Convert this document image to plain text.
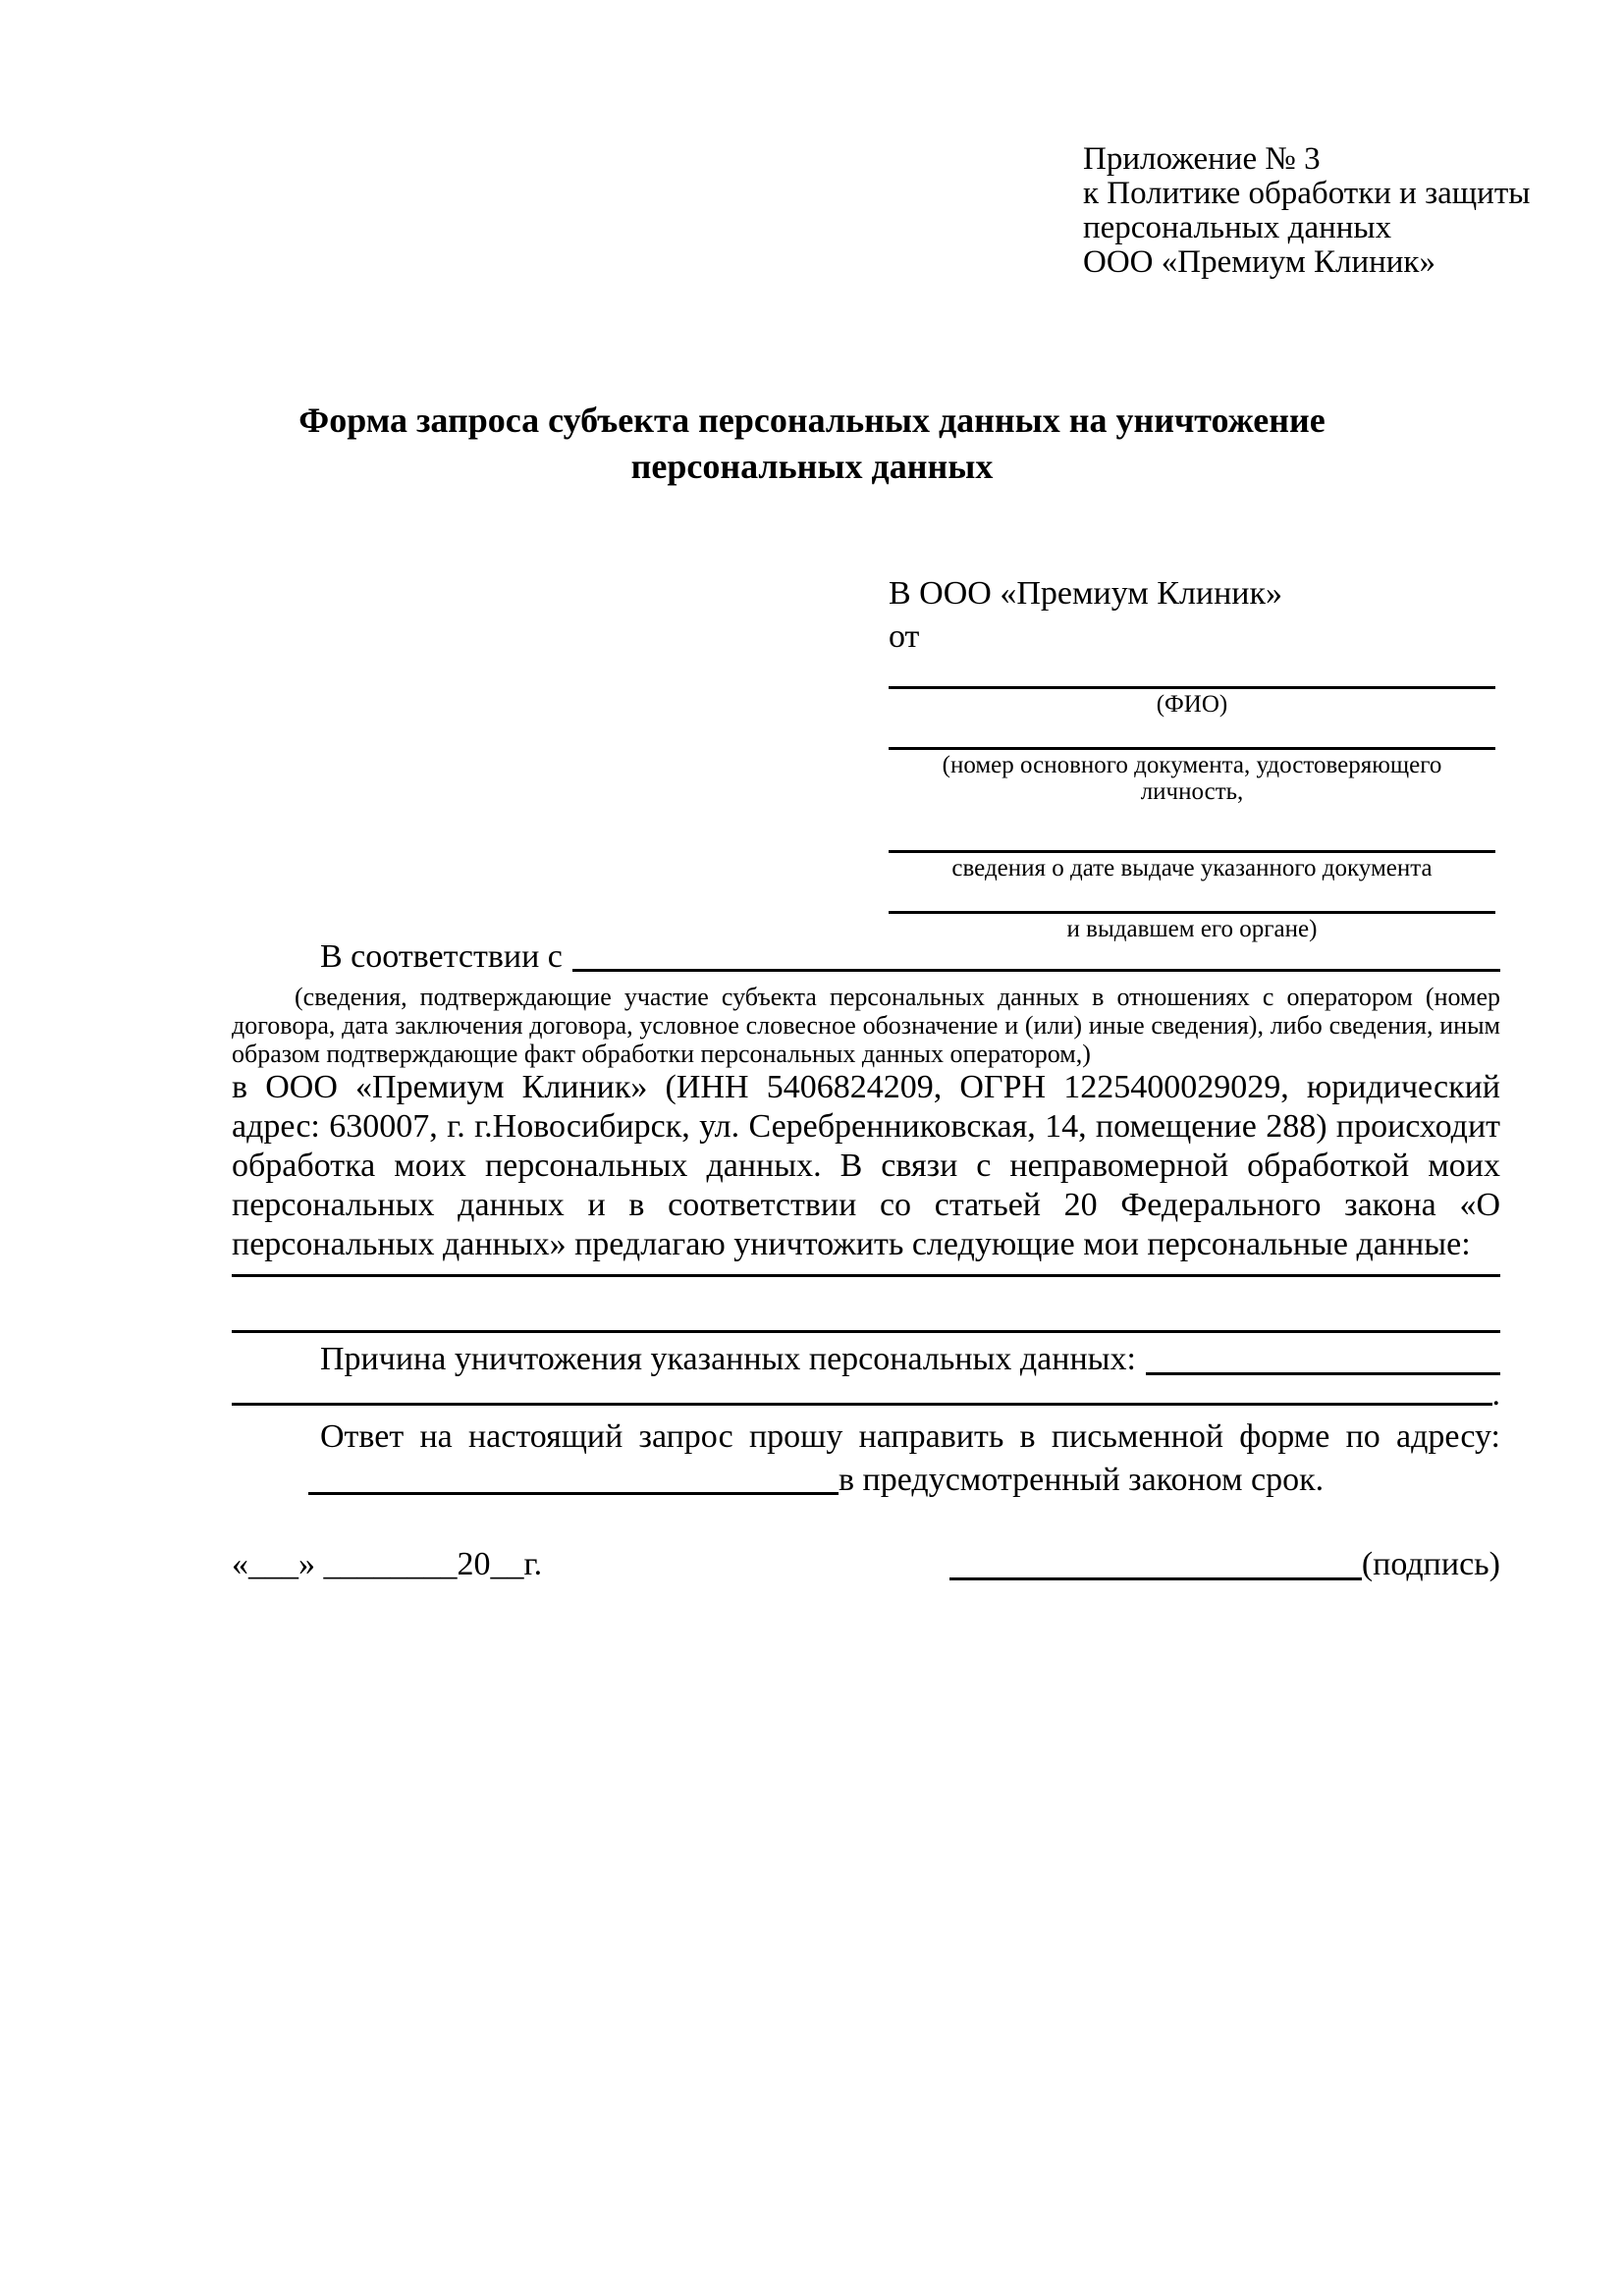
Приложение № 3
к Политике обработки и защиты
персональных данных
ООО «Премиум Клиник»
Форма запроса субъекта персональных данных на уничтожение
персональных данных
В ООО «Премиум Клиник»
от
(ФИО)
(номер основного документа, удостоверяющего личность,
сведения о дате выдаче указанного документа
и выдавшем его органе)
В соответствии с

(сведения, подтверждающие участие субъекта персональных данных в отношениях с оператором (номер договора, дата заключения договора, условное словесное обозначение и (или) иные сведения), либо сведения, иным образом подтверждающие факт обработки персональных данных оператором,)

в ООО «Премиум Клиник» (ИНН 5406824209, ОГРН 1225400029029, юридический адрес: 630007, г. г.Новосибирск, ул. Серебренниковская, 14, помещение 288) происходит обработка моих персональных данных. В связи с неправомерной обработкой моих персональных данных и в соответствии со статьей 20 Федерального закона «О персональных данных» предлагаю уничтожить следующие мои персональные данные:

Причина уничтожения указанных персональных данных:
.

Ответ на настоящий запрос прошу направить в письменной форме по адресу:

в предусмотренный законом срок.
«___» ________20__г.	(подпись)
